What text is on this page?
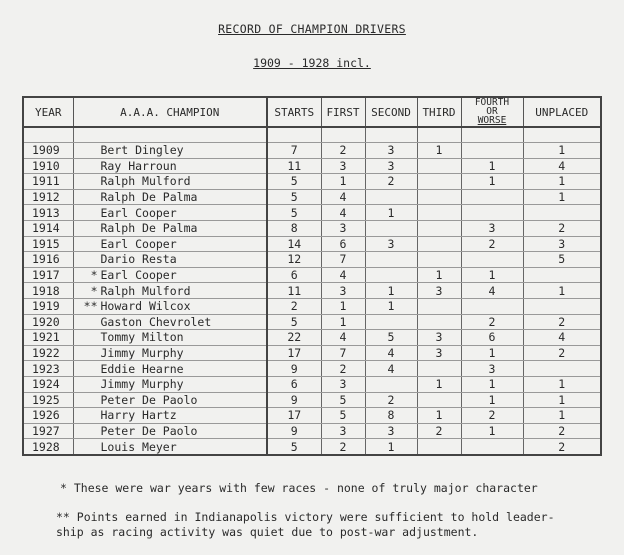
RECORD OF CHAMPION DRIVERS
1909 - 1928 incl.
YEAR	A.A.A. CHAMPION	STARTS	FIRST	SECOND	THIRD	FOURTH
OR
WORSE	UNPLACED

1909	Bert Dingley	7	2	3	1		1
1910	Ray Harroun	11	3	3		1	4
1911	Ralph Mulford	5	1	2		1	1
1912	Ralph De Palma	5	4				1
1913	Earl Cooper	5	4	1			
1914	Ralph De Palma	8	3			3	2
1915	Earl Cooper	14	6	3		2	3
1916	Dario Resta	12	7				5
1917	* Earl Cooper	6	4		1	1	
1918	* Ralph Mulford	11	3	1	3	4	1
1919	** Howard Wilcox	2	1	1			
1920	Gaston Chevrolet	5	1			2	2
1921	Tommy Milton	22	4	5	3	6	4
1922	Jimmy Murphy	17	7	4	3	1	2
1923	Eddie Hearne	9	2	4		3	
1924	Jimmy Murphy	6	3		1	1	1
1925	Peter De Paolo	9	5	2		1	1
1926	Harry Hartz	17	5	8	1	2	1
1927	Peter De Paolo	9	3	3	2	1	2
1928	Louis Meyer	5	2	1			2
* These were war years with few races - none of truly major character
** Points earned in Indianapolis victory were sufficient to hold leader-
ship as racing activity was quiet due to post-war adjustment.
